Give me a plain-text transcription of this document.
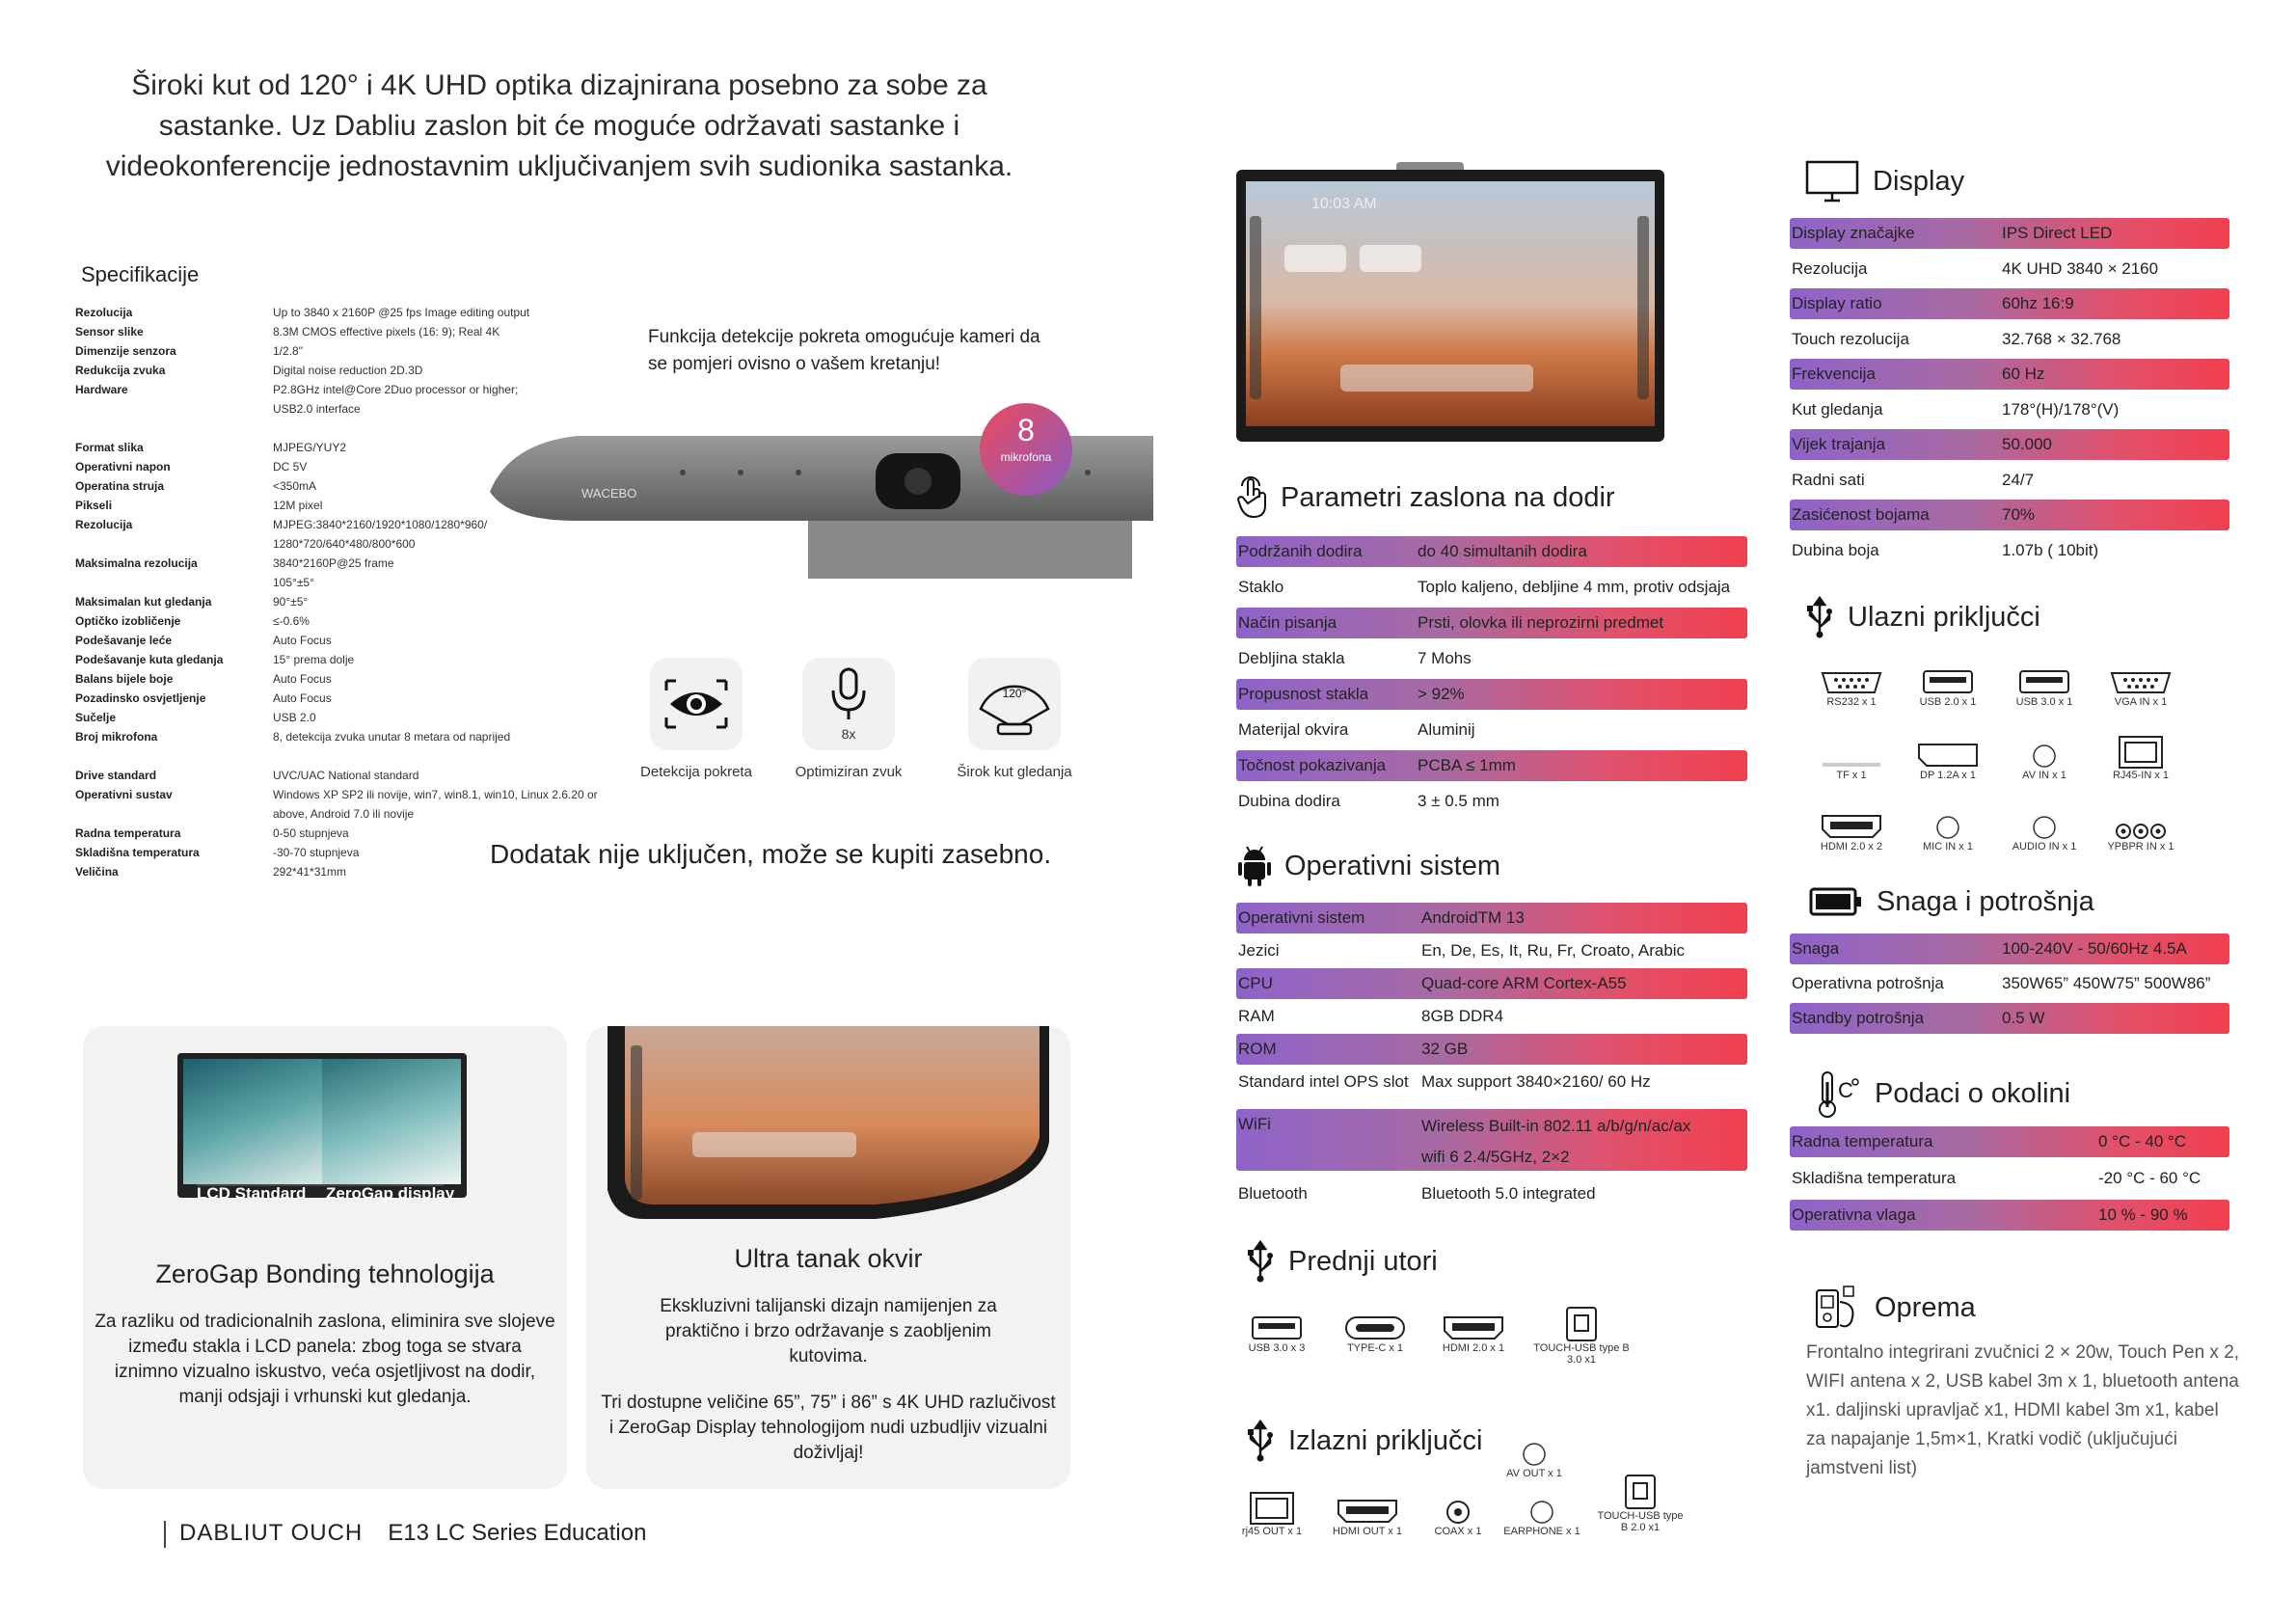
Široki kut od 120° i 4K UHD optika dizajnirana posebno za sobe za sastanke. Uz Dabliu zaslon bit će moguće održavati sastanke i videokonferencije jednostavnim uključivanjem svih sudionika sastanka.
Specifikacije
Rezolucija	Up to 3840 x 2160P @25 fps Image editing output
Sensor slike	8.3M CMOS effective pixels (16: 9); Real 4K
Dimenzije senzora	1/2.8"
Redukcija zvuka	Digital noise reduction 2D.3D
Hardware	P2.8GHz intel@Core 2Duo processor or higher;
USB2.0 interface
Format slika	MJPEG/YUY2
Operativni napon	DC 5V
Operatina struja	<350mA
Pikseli	12M pixel
Rezolucija	MJPEG:3840*2160/1920*1080/1280*960/
1280*720/640*480/800*600
Maksimalna rezolucija	3840*2160P@25 frame
105°±5°
Maksimalan kut gledanja	90°±5°
Optičko izobličenje	≤-0.6%
Podešavanje leće	Auto Focus
Podešavanje kuta gledanja	15° prema dolje
Balans bijele boje	Auto Focus
Pozadinsko osvjetljenje	Auto Focus
Sučelje	USB 2.0
Broj mikrofona	8, detekcija zvuka unutar 8 metara od naprijed
Drive standard	UVC/UAC National standard
Operativni sustav	Windows XP SP2 ili novije, win7, win8.1, win10, Linux 2.6.20 or
above, Android 7.0 ili novije
Radna temperatura	0-50 stupnjeva
Skladišna temperatura	-30-70 stupnjeva
Veličina	292*41*31mm
Funkcija detekcije pokreta omogućuje kameri da se pomjeri ovisno o vašem kretanju!
WACEBO
8
mikrofona
8x
120°
Detekcija pokreta	Optimiziran zvuk	Širok kut gledanja
Dodatak nije uključen, može se kupiti zasebno.
LCD Standard ZeroGap display
ZeroGap Bonding tehnologija

Za razliku od tradicionalnih zaslona, eliminira sve slojeve između stakla i LCD panela: zbog toga se stvara iznimno vizualno iskustvo, veća osjetljivost na dodir, manji odsjaji i vrhunski kut gledanja.

Ultra tanak okvir

Ekskluzivni talijanski dizajn namijenjen za praktično i brzo održavanje s zaobljenim kutovima.

Tri dostupne veličine 65”, 75” i 86” s 4K UHD razlučivost i ZeroGap Display tehnologijom nudi uzbudljiv vizualni doživljaj!

DABLIUT OUCH E13 LC Series Education
10:03 AM
Parametri zaslona na dodir
Podržanih dodira	do 40 simultanih dodira
Staklo	Toplo kaljeno, debljine 4 mm, protiv odsjaja
Način pisanja	Prsti, olovka ili neprozirni predmet
Debljina stakla	7 Mohs
Propusnost stakla	> 92%
Materijal okvira	Aluminij
Točnost pokazivanja PCBA ≤ 1mm
Dubina dodira	3 ± 0.5 mm
Operativni sistem
Operativni sistem	AndroidTM 13
Jezici	En, De, Es, It, Ru, Fr, Croato, Arabic
CPU	Quad-core ARM Cortex-A55
RAM	8GB DDR4
ROM	32 GB
Standard intel OPS slot Max support 3840×2160/ 60 Hz
WiFi	Wireless Built-in 802.11 a/b/g/n/ac/ax
wifi 6 2.4/5GHz, 2×2
Bluetooth	Bluetooth 5.0 integrated
Prednji utori
USB 3.0 x 3	TYPE-C x 1	HDMI 2.0 x 1	TOUCH-USB type B 3.0 x1
Izlazni priključci
AV OUT x 1
rj45 OUT x 1	HDMI OUT x 1	COAX x 1	EARPHONE x 1
TOUCH-USB type B 2.0 x1
Display
Display značajke	IPS Direct LED
Rezolucija	4K UHD 3840 × 2160
Display ratio	60hz 16:9
Touch rezolucija	32.768 × 32.768
Frekvencija	60 Hz
Kut gledanja	178°(H)/178°(V)
Vijek trajanja	50.000
Radni sati	24/7
Zasićenost bojama	70%
Dubina boja	1.07b ( 10bit)
Ulazni priključci
RS232 x 1	USB 2.0 x 1	USB 3.0 x 1	VGA IN x 1
TF x 1	DP 1.2A x 1	AV IN x 1	RJ45-IN x 1
HDMI 2.0 x 2	MIC IN x 1	AUDIO IN x 1	YPBPR IN x 1
Snaga i potrošnja
Snaga	100-240V - 50/60Hz 4.5A
Operativna potrošnja	350W65” 450W75” 500W86”
Standby potrošnja	0.5 W
C Podaci o okolini
Radna temperatura	0 °C - 40 °C
Skladišna temperatura	-20 °C - 60 °C
Operativna vlaga	10 % - 90 %
Oprema
Frontalno integrirani zvučnici 2 × 20w, Touch Pen x 2, WIFI antena x 2, USB kabel 3m x 1, bluetooth antena x1. daljinski upravljač x1, HDMI kabel 3m x1, kabel za napajanje 1,5m×1, Kratki vodič (uključujući jamstveni list)
